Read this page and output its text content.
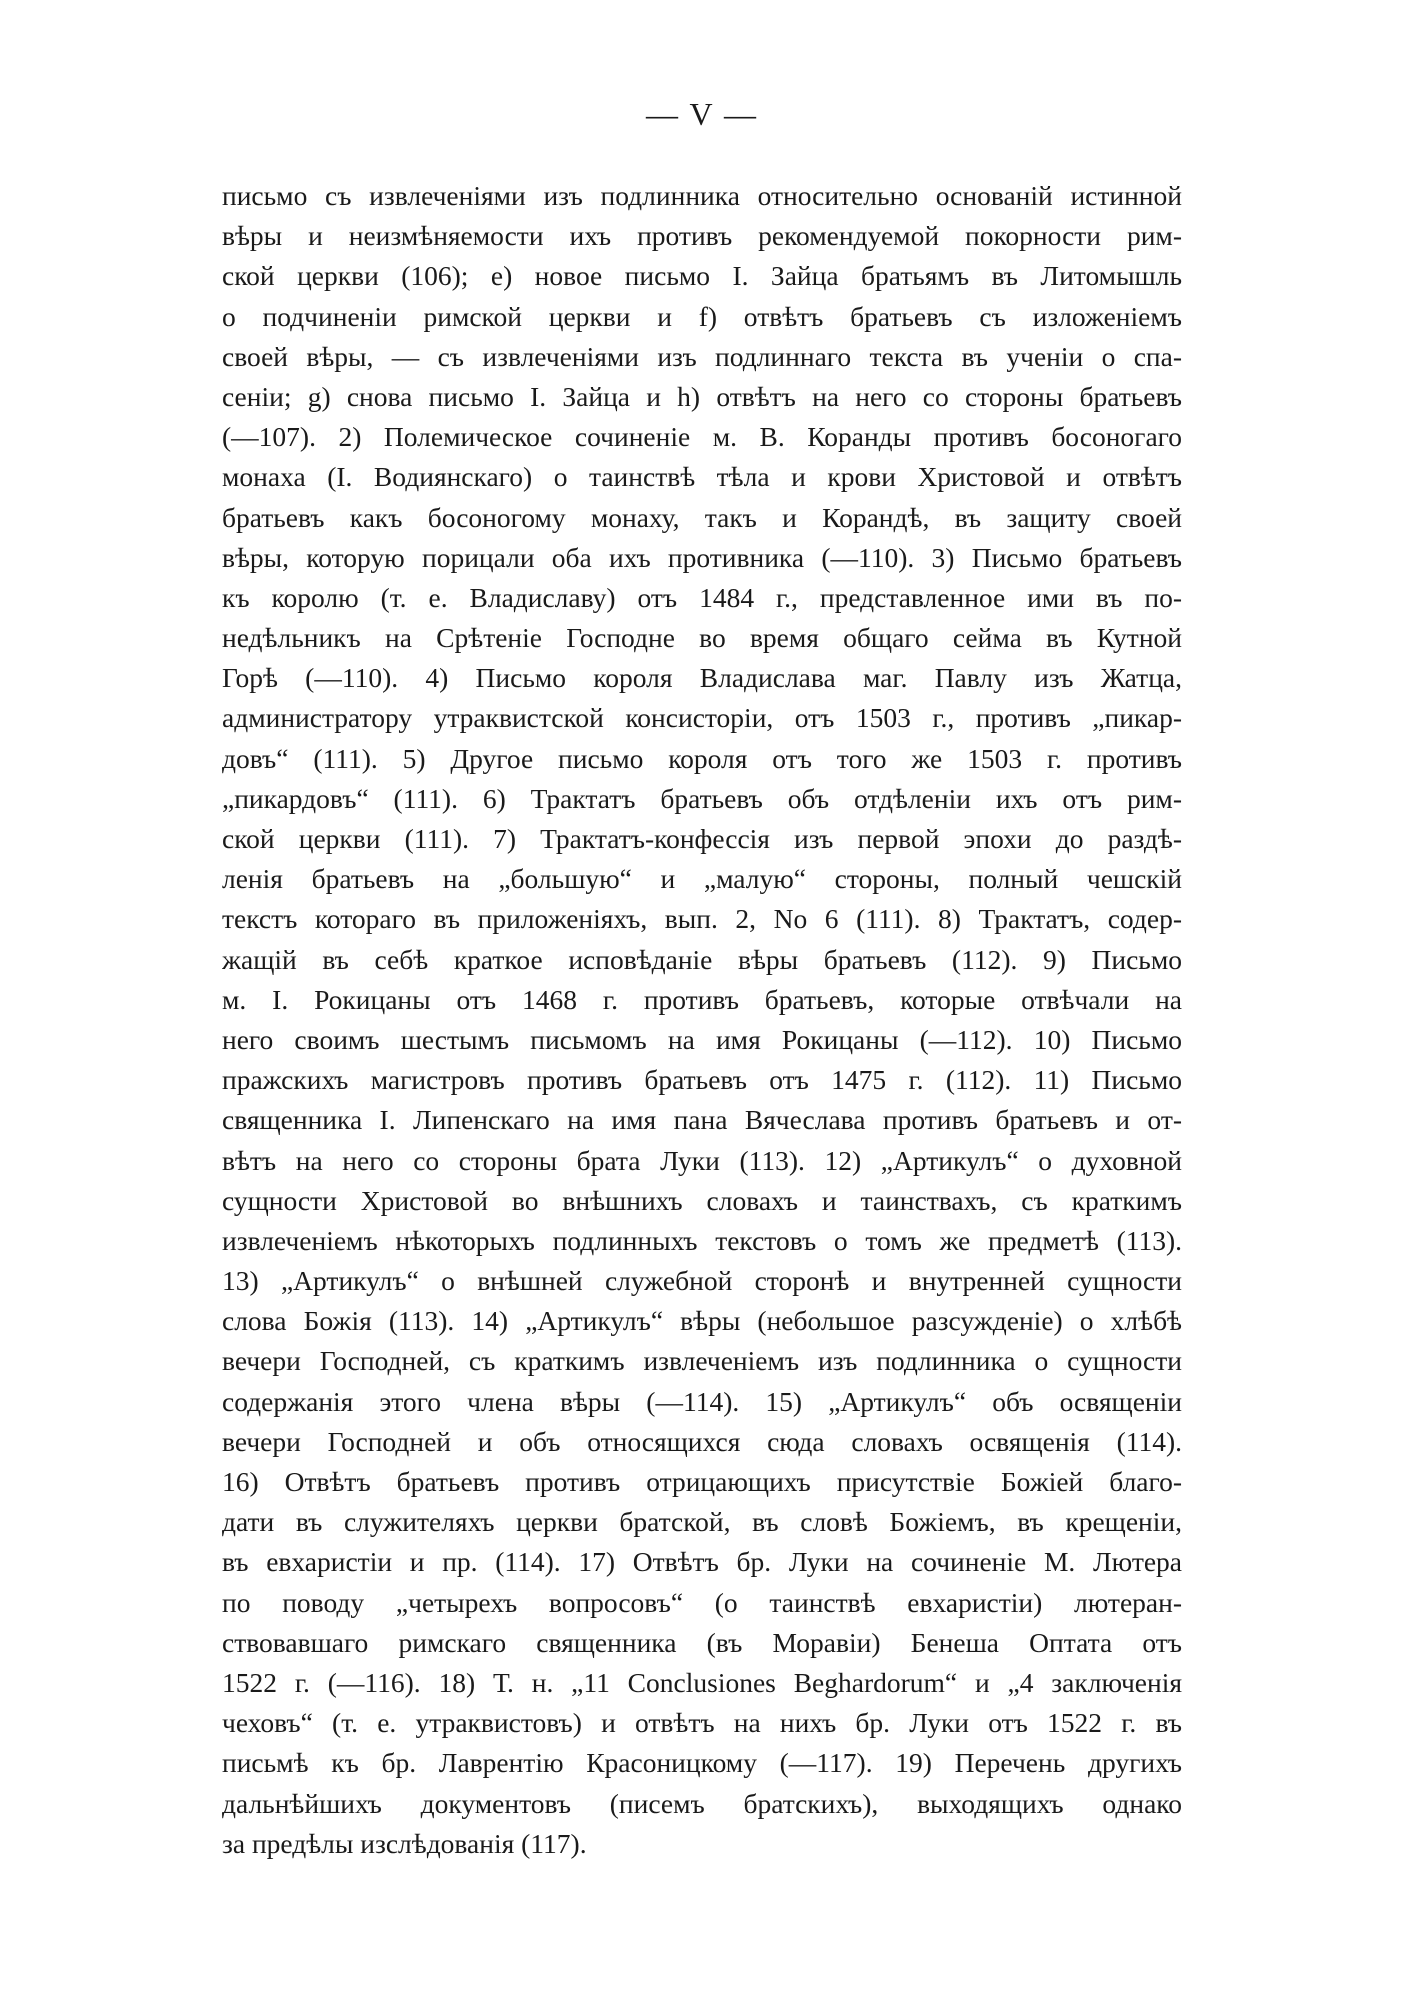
— V —
письмо съ извлеченіями изъ подлинника относительно основаній истинной
вѣры и неизмѣняемости ихъ противъ рекомендуемой покорности рим-
ской церкви (106); е) новое письмо І. Зайца братьямъ въ Литомышль
о подчиненіи римской церкви и f) отвѣтъ братьевъ съ изложеніемъ
своей вѣры, — съ извлеченіями изъ подлиннаго текста въ ученіи о спа-
сеніи; g) снова письмо І. Зайца и h) отвѣтъ на него со стороны братьевъ
(—107). 2) Полемическое сочиненіе м. В. Коранды противъ босоногаго
монаха (І. Водиянскаго) о таинствѣ тѣла и крови Христовой и отвѣтъ
братьевъ какъ босоногому монаху, такъ и Корандѣ, въ защиту своей
вѣры, которую порицали оба ихъ противника (—110). 3) Письмо братьевъ
къ королю (т. е. Владиславу) отъ 1484 г., представленное ими въ по-
недѣльникъ на Срѣтеніе Господне во время общаго сейма въ Кутной
Горѣ (—110). 4) Письмо короля Владислава маг. Павлу изъ Жатца,
администратору утраквистской консисторіи, отъ 1503 г., противъ „пикар-
довъ“ (111). 5) Другое письмо короля отъ того же 1503 г. противъ
„пикардовъ“ (111). 6) Трактатъ братьевъ объ отдѣленіи ихъ отъ рим-
ской церкви (111). 7) Трактатъ-конфессія изъ первой эпохи до раздѣ-
ленія братьевъ на „большую“ и „малую“ стороны, полный чешскій
текстъ котораго въ приложеніяхъ, вып. 2, No 6 (111). 8) Трактатъ, содер-
жащій въ себѣ краткое исповѣданіе вѣры братьевъ (112). 9) Письмо
м. І. Рокицаны отъ 1468 г. противъ братьевъ, которые отвѣчали на
него своимъ шестымъ письмомъ на имя Рокицаны (—112). 10) Письмо
пражскихъ магистровъ противъ братьевъ отъ 1475 г. (112). 11) Письмо
священника І. Липенскаго на имя пана Вячеслава противъ братьевъ и от-
вѣтъ на него со стороны брата Луки (113). 12) „Артикулъ“ о духовной
сущности Христовой во внѣшнихъ словахъ и таинствахъ, съ краткимъ
извлеченіемъ нѣкоторыхъ подлинныхъ текстовъ о томъ же предметѣ (113).
13) „Артикулъ“ о внѣшней служебной сторонѣ и внутренней сущности
слова Божія (113). 14) „Артикулъ“ вѣры (небольшое разсужденіе) о хлѣбѣ
вечери Господней, съ краткимъ извлеченіемъ изъ подлинника о сущности
содержанія этого члена вѣры (—114). 15) „Артикулъ“ объ освященіи
вечери Господней и объ относящихся сюда словахъ освященія (114).
16) Отвѣтъ братьевъ противъ отрицающихъ присутствіе Божіей благо-
дати въ служителяхъ церкви братской, въ словѣ Божіемъ, въ крещеніи,
въ евхаристіи и пр. (114). 17) Отвѣтъ бр. Луки на сочиненіе М. Лютера
по поводу „четырехъ вопросовъ“ (о таинствѣ евхаристіи) лютеран-
ствовавшаго римскаго священника (въ Моравіи) Бенеша Оптата отъ
1522 г. (—116). 18) Т. н. „11 Conclusiones Beghardorum“ и „4 заключенія
чеховъ“ (т. е. утраквистовъ) и отвѣтъ на нихъ бр. Луки отъ 1522 г. въ
письмѣ къ бр. Лаврентію Красоницкому (—117). 19) Перечень другихъ
дальнѣйшихъ документовъ (писемъ братскихъ), выходящихъ однако
за предѣлы изслѣдованія (117).
